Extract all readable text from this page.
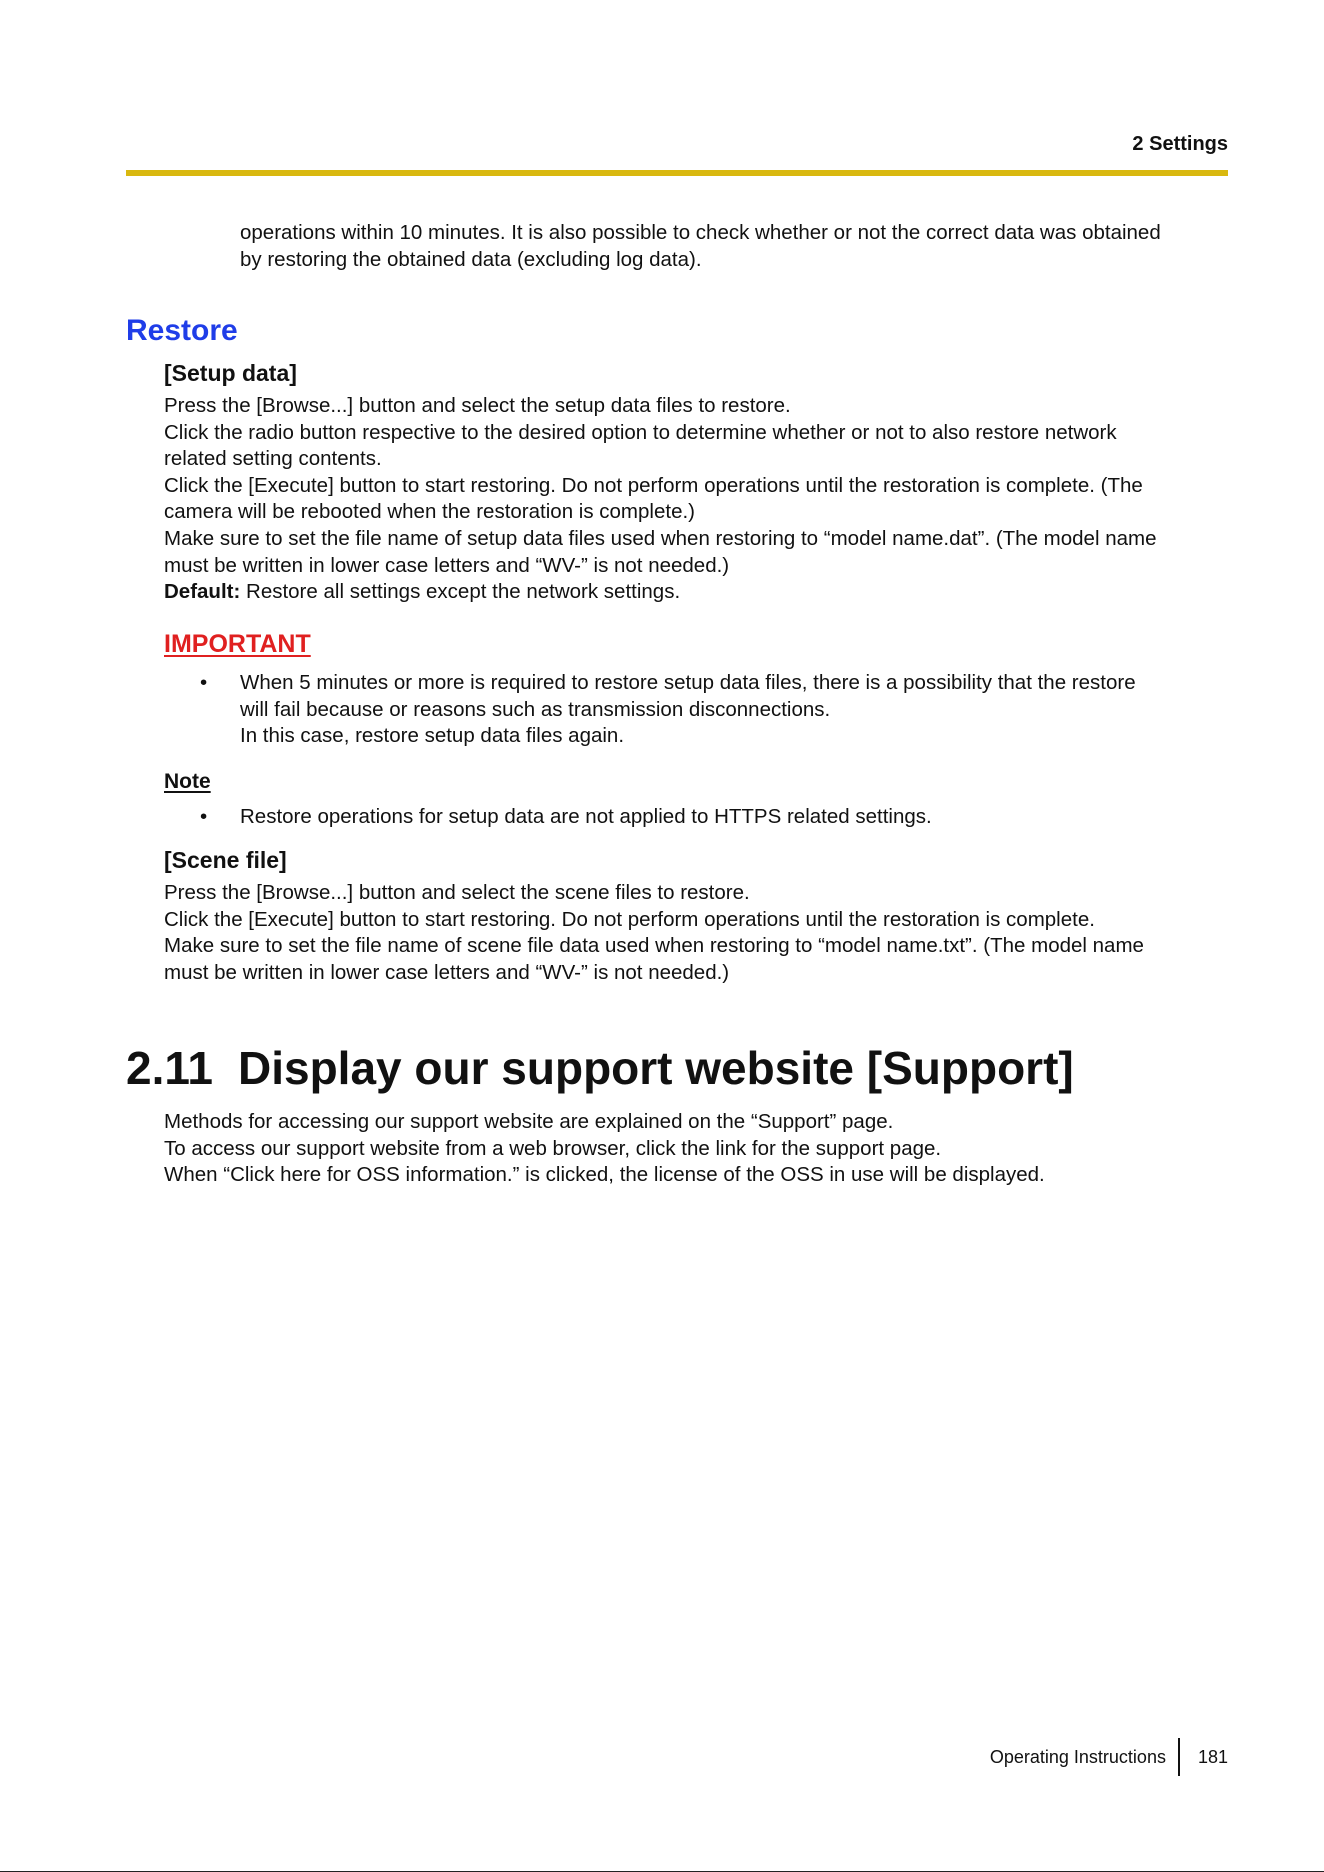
2 Settings
operations within 10 minutes. It is also possible to check whether or not the correct data was obtained
by restoring the obtained data (excluding log data).
Restore
[Setup data]
Press the [Browse...] button and select the setup data files to restore.
Click the radio button respective to the desired option to determine whether or not to also restore network
related setting contents.
Click the [Execute] button to start restoring. Do not perform operations until the restoration is complete. (The
camera will be rebooted when the restoration is complete.)
Make sure to set the file name of setup data files used when restoring to “model name.dat”. (The model name
must be written in lower case letters and “WV-” is not needed.)
Default: Restore all settings except the network settings.
IMPORTANT
•	When 5 minutes or more is required to restore setup data files, there is a possibility that the restore
will fail because or reasons such as transmission disconnections.
In this case, restore setup data files again.
Note
•	Restore operations for setup data are not applied to HTTPS related settings.
[Scene file]
Press the [Browse...] button and select the scene files to restore.
Click the [Execute] button to start restoring. Do not perform operations until the restoration is complete.
Make sure to set the file name of scene file data used when restoring to “model name.txt”. (The model name
must be written in lower case letters and “WV-” is not needed.)
2.11 Display our support website [Support]
Methods for accessing our support website are explained on the “Support” page.
To access our support website from a web browser, click the link for the support page.
When “Click here for OSS information.” is clicked, the license of the OSS in use will be displayed.
Operating Instructions	181
